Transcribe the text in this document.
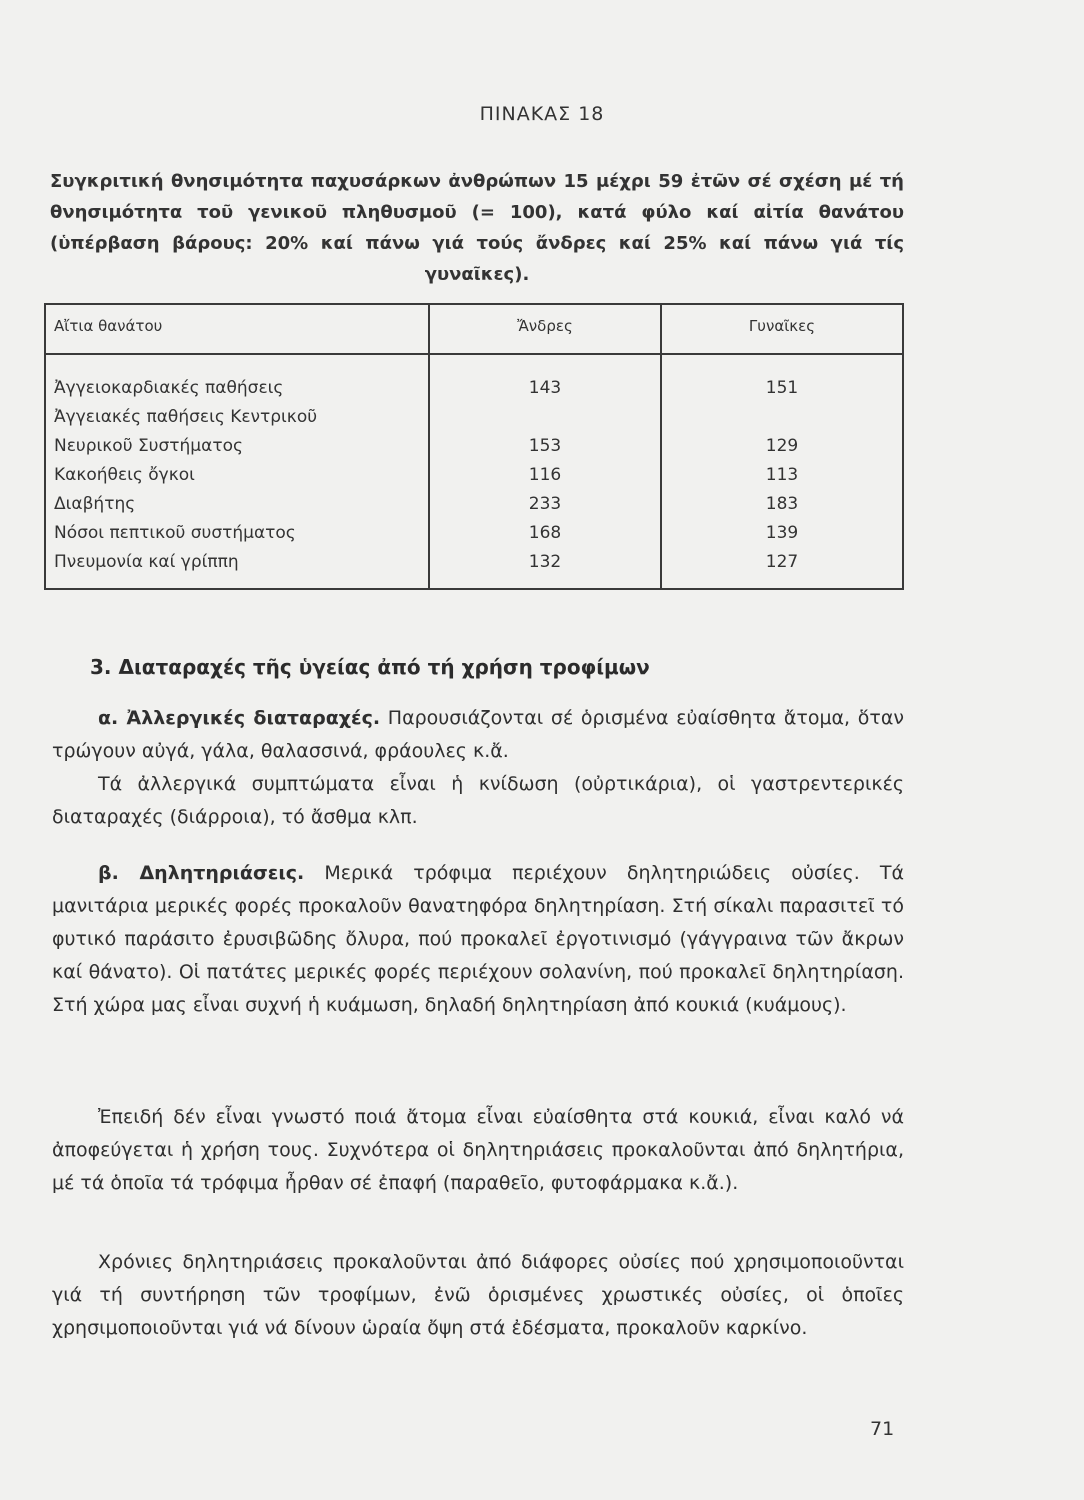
ΠΙΝΑΚΑΣ 18
Συγκριτική θνησιμότητα παχυσάρκων ἀνθρώπων 15 μέχρι 59 ἐτῶν σέ σχέση μέ τή θνησιμότητα τοῦ γενικοῦ πληθυσμοῦ (= 100), κατά φύλο καί αἰτία θανάτου (ὑπέρβαση βάρους: 20% καί πάνω γιά τούς ἄνδρες καί 25% καί πάνω γιά τίς γυναῖκες).
Αἴτια θανάτου	Ἄνδρες	Γυναῖκες
Ἀγγειοκαρδιακές παθήσεις	143	151
Ἀγγειακές παθήσεις Κεντρικοῦ
Νευρικοῦ Συστήματος	153	129
Κακοήθεις ὄγκοι	116	113
Διαβήτης	233	183
Νόσοι πεπτικοῦ συστήματος	168	139
Πνευμονία καί γρίππη	132	127
3. Διαταραχές τῆς ὑγείας ἀπό τή χρήση τροφίμων
α. Ἀλλεργικές διαταραχές. Παρουσιάζονται σέ ὁρισμένα εὐαίσθητα ἄτομα, ὅταν τρώγουν αὐγά, γάλα, θαλασσινά, φράουλες κ.ἄ.
Τά ἀλλεργικά συμπτώματα εἶναι ἡ κνίδωση (οὐρτικάρια), οἱ γαστρεντερικές διαταραχές (διάρροια), τό ἄσθμα κλπ.
β. Δηλητηριάσεις. Μερικά τρόφιμα περιέχουν δηλητηριώδεις οὐσίες. Τά μανιτάρια μερικές φορές προκαλοῦν θανατηφόρα δηλητηρίαση. Στή σίκαλι παρασιτεῖ τό φυτικό παράσιτο ἐρυσιβῶδης ὄλυρα, πού προκαλεῖ ἐργοτινισμό (γάγγραινα τῶν ἄκρων καί θάνατο). Οἱ πατάτες μερικές φορές περιέχουν σολανίνη, πού προκαλεῖ δηλητηρίαση. Στή χώρα μας εἶναι συχνή ἡ κυάμωση, δηλαδή δηλητηρίαση ἀπό κουκιά (κυάμους).
Ἐπειδή δέν εἶναι γνωστό ποιά ἄτομα εἶναι εὐαίσθητα στά κουκιά, εἶναι καλό νά ἀποφεύγεται ἡ χρήση τους. Συχνότερα οἱ δηλητηριάσεις προκαλοῦνται ἀπό δηλητήρια, μέ τά ὁποῖα τά τρόφιμα ἦρθαν σέ ἐπαφή (παραθεῖο, φυτοφάρμακα κ.ἄ.).
Χρόνιες δηλητηριάσεις προκαλοῦνται ἀπό διάφορες οὐσίες πού χρησιμοποιοῦνται γιά τή συντήρηση τῶν τροφίμων, ἐνῶ ὁρισμένες χρωστικές οὐσίες, οἱ ὁποῖες χρησιμοποιοῦνται γιά νά δίνουν ὡραία ὄψη στά ἐδέσματα, προκαλοῦν καρκίνο.
71
